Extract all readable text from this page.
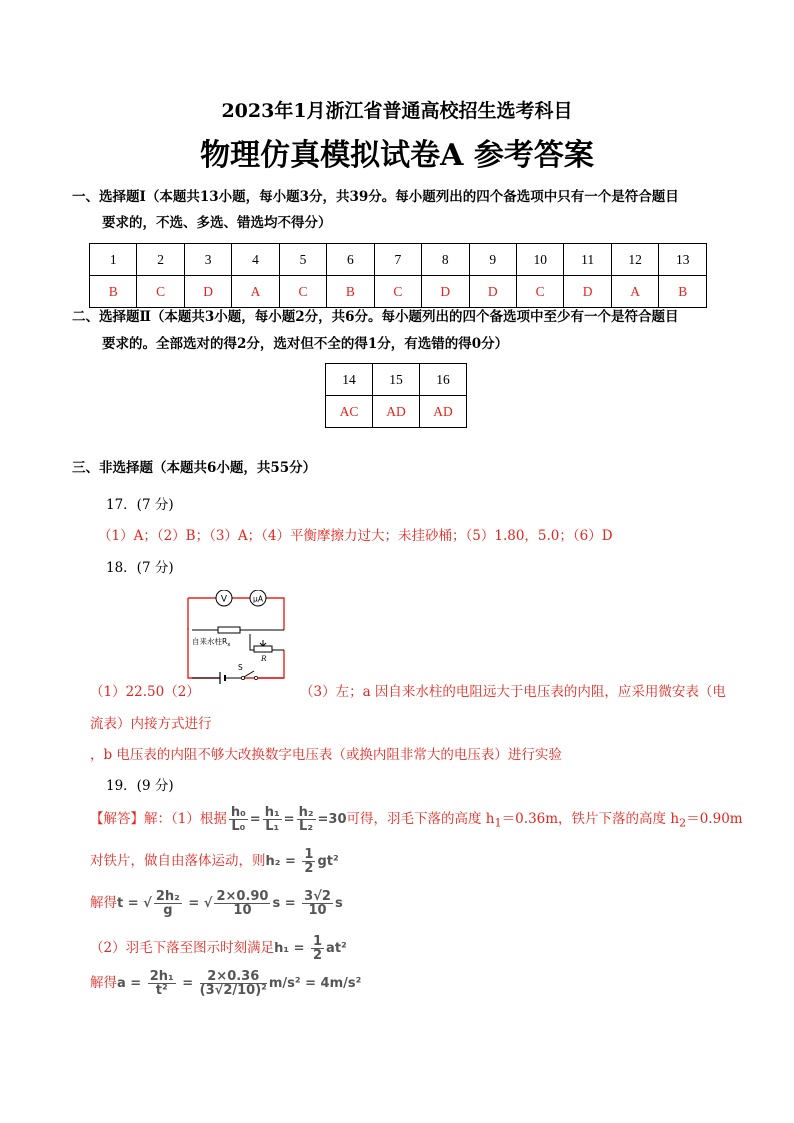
2023年1月浙江省普通高校招生选考科目
物理仿真模拟试卷A 参考答案
一、选择题Ⅰ（本题共13小题，每小题3分，共39分。每小题列出的四个备选项中只有一个是符合题目
要求的，不选、多选、错选均不得分）
1	2	3	4	5	6	7	8	9	10	11	12	13
B	C	D	A	C	B	C	D	D	C	D	A	B
二、选择题Ⅱ（本题共3小题，每小题2分，共6分。每小题列出的四个备选项中至少有一个是符合题目
要求的。全部选对的得2分，选对但不全的得1分，有选错的得0分）
14	15	16
AC	AD	AD
三、非选择题（本题共6小题，共55分）
17．(7 分)
（1）A；（2）B；（3）A；（4）平衡摩擦力过大；未挂砂桶；（5）1.80，5.0；（6）D
18．(7 分)
V	μA
自来水柱$R_x$
R
S
（1）22.50（2）	（3）左；a 因自来水柱的电阻远大于电压表的内阻，应采用微安表（电
流表）内接方式进行
，b 电压表的内阻不够大改换数字电压表（或换内阻非常大的电压表）进行实验
19．(9 分)
【解答】解：（1）根据 $\frac{\text{h₀}}{\text{L₀}} = \frac{\text{h₁}}{\text{L₁}} = \frac{\text{h₂}}{\text{L₂}} =30$可得，羽毛下落的高度 $h_1=0.36m$，铁片下落的高度 $h_2=0.90m$
对铁片，做自由落体运动，则$h_2 = \frac{1}{2} gt^2$
解得t = √ $\frac{\text{2h₂}}{g}$ = √ $\frac{2\times 0.90}{10}$ $s = \frac{3√2}{10}$ s
（2）羽毛下落至图示时刻满足$h_1 = \frac{1}{2} at^2$
解得$a = \frac{\text{2h₁}}{\text{t²}} = \frac{2\times 0.36}{\text{(3√2/10)²}} m/s^2 = 4m/s^2$
